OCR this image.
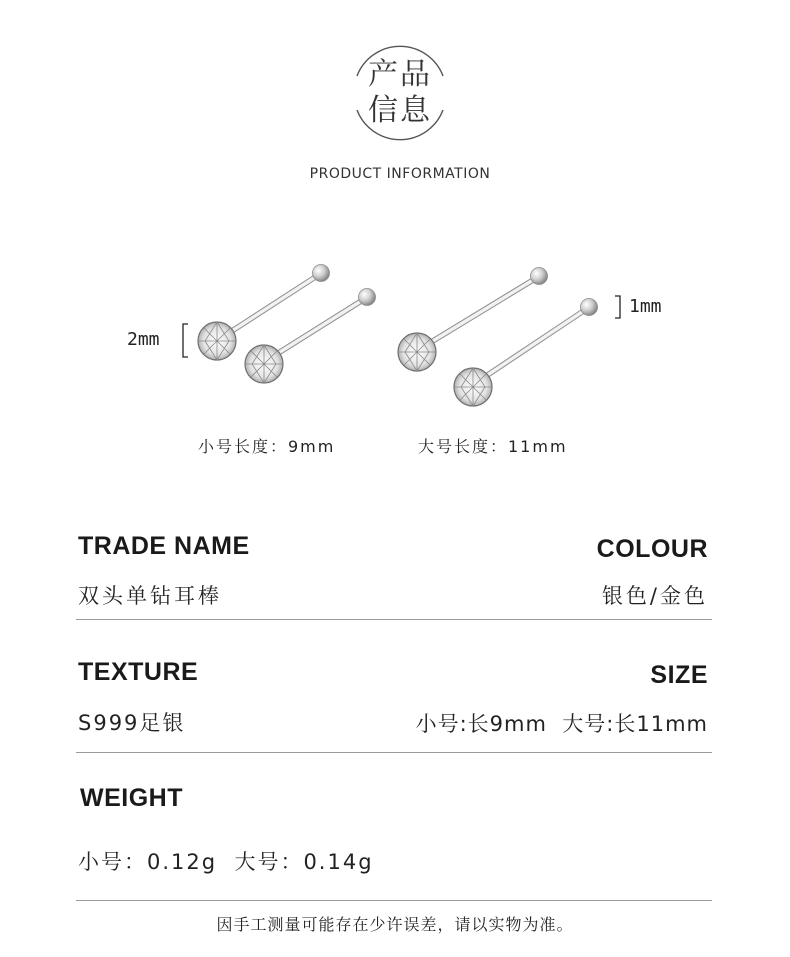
产品
信息
PRODUCT INFORMATION
2mm
1mm
小号长度：9mm	大号长度：11mm
TRADE NAME	COLOUR
双头单钻耳棒	银色/金色
TEXTURE	SIZE
S999足银	小号:长9mm  大号:长11mm
WEIGHT
小号：0.12g  大号：0.14g
因手工测量可能存在少许误差，请以实物为准。
